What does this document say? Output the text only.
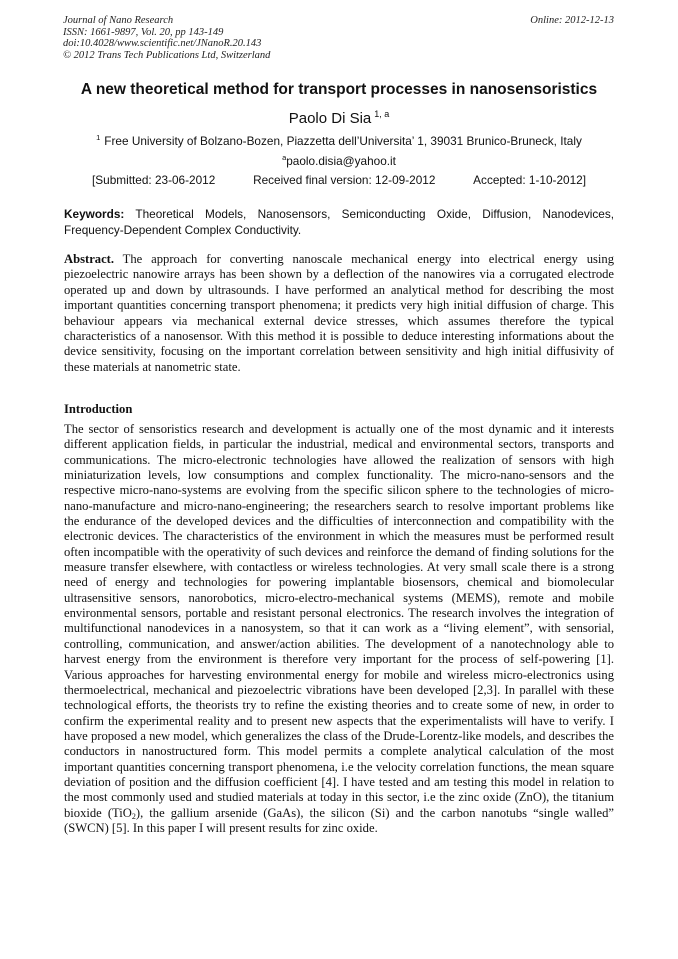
Journal of Nano Research
ISSN: 1661-9897, Vol. 20, pp 143-149
doi:10.4028/www.scientific.net/JNanoR.20.143
© 2012 Trans Tech Publications Ltd, Switzerland
Online: 2012-12-13
A new theoretical method for transport processes in nanosensoristics
Paolo Di Sia $^{1, a}$
$^1$ Free University of Bolzano-Bozen, Piazzetta dell’Universita’ 1, 39031 Brunico-Bruneck, Italy
$^a$paolo.disia@yahoo.it
[Submitted: 23-06-2012	Received final version: 12-09-2012	Accepted: 1-10-2012]
Keywords: Theoretical Models, Nanosensors, Semiconducting Oxide, Diffusion, Nanodevices, Frequency-Dependent Complex Conductivity.
Abstract. The approach for converting nanoscale mechanical energy into electrical energy using piezoelectric nanowire arrays has been shown by a deflection of the nanowires via a corrugated electrode operated up and down by ultrasounds. I have performed an analytical method for describing the most important quantities concerning transport phenomena; it predicts very high initial diffusion of charge. This behaviour appears via mechanical external device stresses, which assumes therefore the typical characteristics of a nanosensor. With this method it is possible to deduce interesting informations about the device sensitivity, focusing on the important correlation between sensitivity and high initial diffusivity of these materials at nanometric state.
Introduction
The sector of sensoristics research and development is actually one of the most dynamic and it interests different application fields, in particular the industrial, medical and environmental sectors, transports and communications. The micro-electronic technologies have allowed the realization of sensors with high miniaturization levels, low consumptions and complex functionality. The micro-nano-sensors and the respective micro-nano-systems are evolving from the specific silicon sphere to the technologies of micro-nano-manufacture and micro-nano-engineering; the researchers search to resolve important problems like the endurance of the developed devices and the difficulties of interconnection and compatibility with the electronic devices. The characteristics of the environment in which the measures must be performed result often incompatible with the operativity of such devices and reinforce the demand of finding solutions for the measure transfer elsewhere, with contactless or wireless technologies. At very small scale there is a strong need of energy and technologies for powering implantable biosensors, chemical and biomolecular ultrasensitive sensors, nanorobotics, micro-electro-mechanical systems (MEMS), remote and mobile environmental sensors, portable and resistant personal electronics. The research involves the integration of multifunctional nanodevices in a nanosystem, so that it can work as a “living element”, with sensorial, controlling, communication, and answer/action abilities. The development of a nanotechnology able to harvest energy from the environment is therefore very important for the process of self-powering [1]. Various approaches for harvesting environmental energy for mobile and wireless micro-electronics using thermoelectrical, mechanical and piezoelectric vibrations have been developed [2,3]. In parallel with these technological efforts, the theorists try to refine the existing theories and to create some of new, in order to confirm the experimental reality and to present new aspects that the experimentalists will have to verify. I have proposed a new model, which generalizes the class of the Drude-Lorentz-like models, and describes the conductors in nanostructured form. This model permits a complete analytical calculation of the most important quantities concerning transport phenomena, i.e the velocity correlation functions, the mean square deviation of position and the diffusion coefficient [4]. I have tested and am testing this model in relation to the most commonly used and studied materials at today in this sector, i.e the zinc oxide (ZnO), the titanium bioxide (TiO$_2$), the gallium arsenide (GaAs), the silicon (Si) and the carbon nanotubs “single walled” (SWCN) [5]. In this paper I will present results for zinc oxide.
